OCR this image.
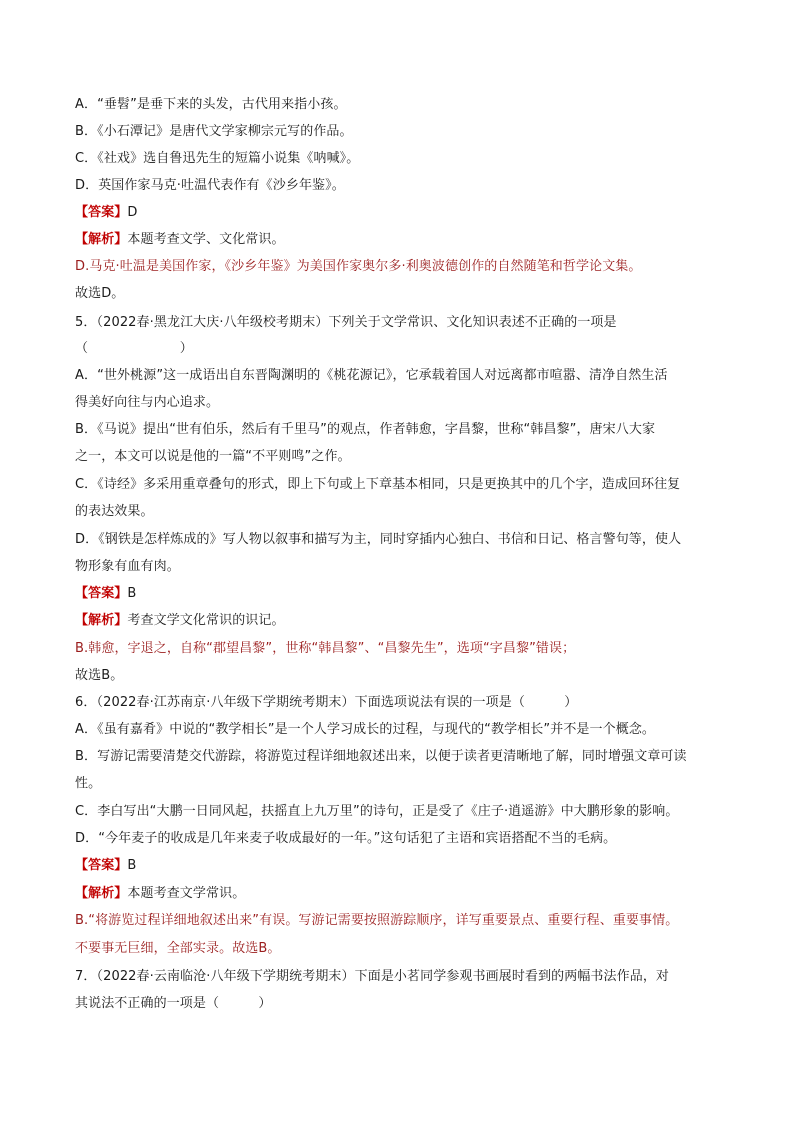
A．“垂髫”是垂下来的头发，古代用来指小孩。
B．《小石潭记》是唐代文学家柳宗元写的作品。
C．《社戏》选自鲁迅先生的短篇小说集《呐喊》。
D．英国作家马克·吐温代表作有《沙乡年鉴》。
【答案】D
【解析】本题考查文学、文化常识。
D.马克·吐温是美国作家，《沙乡年鉴》为美国作家奥尔多·利奥波德创作的自然随笔和哲学论文集。
故选D。
5．（2022春·黑龙江大庆·八年级校考期末）下列关于文学常识、文化知识表述不正确的一项是
（　　　　　　　）
A．“世外桃源”这一成语出自东晋陶渊明的《桃花源记》，它承载着国人对远离都市喧嚣、清净自然生活
得美好向往与内心追求。
B．《马说》提出“世有伯乐，然后有千里马”的观点，作者韩愈，字昌黎，世称“韩昌黎”，唐宋八大家
之一，本文可以说是他的一篇“不平则鸣”之作。
C．《诗经》多采用重章叠句的形式，即上下句或上下章基本相同，只是更换其中的几个字，造成回环往复
的表达效果。
D．《钢铁是怎样炼成的》写人物以叙事和描写为主，同时穿插内心独白、书信和日记、格言警句等，使人
物形象有血有肉。
【答案】B
【解析】考查文学文化常识的识记。
B.韩愈，字退之，自称“郡望昌黎”，世称“韩昌黎”、“昌黎先生”，选项“字昌黎”错误；
故选B。
6．（2022春·江苏南京·八年级下学期统考期末）下面选项说法有误的一项是（　　　）
A．《虽有嘉肴》中说的“教学相长”是一个人学习成长的过程，与现代的“教学相长”并不是一个概念。
B．写游记需要清楚交代游踪，将游览过程详细地叙述出来，以便于读者更清晰地了解，同时增强文章可读
性。
C．李白写出“大鹏一日同风起，扶摇直上九万里”的诗句，正是受了《庄子·逍遥游》中大鹏形象的影响。
D．“今年麦子的收成是几年来麦子收成最好的一年。”这句话犯了主语和宾语搭配不当的毛病。
【答案】B
【解析】本题考查文学常识。
B.“将游览过程详细地叙述出来”有误。写游记需要按照游踪顺序，详写重要景点、重要行程、重要事情。
不要事无巨细，全部实录。故选B。
7．（2022春·云南临沧·八年级下学期统考期末）下面是小茗同学参观书画展时看到的两幅书法作品，对
其说法不正确的一项是（　　　）
